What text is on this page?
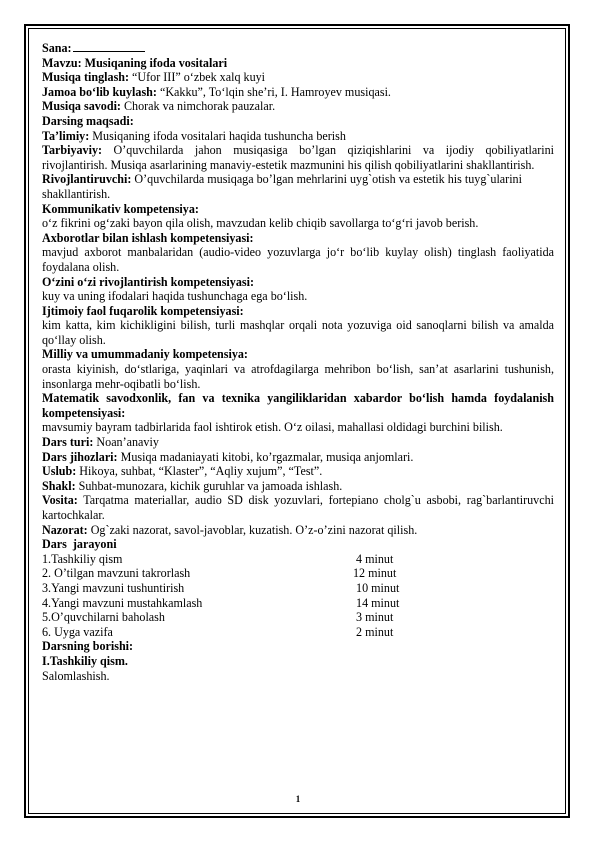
Sana:

Mavzu: Musiqaning ifoda vositalari

Musiqa tinglash: “Ufor III” o‘zbek xalq kuyi

Jamoa bo‘lib kuylash: “Kakku”, To‘lqin she’ri, I. Hamroyev musiqasi.

Musiqa savodi: Chorak va nimchorak pauzalar.

Darsing maqsadi:

Ta’limiy: Musiqaning ifoda vositalari haqida tushuncha berish

Tarbiyaviy: O’quvchilarda jahon musiqasiga bo’lgan qiziqishlarini va ijodiy qobiliyatlarini rivojlantirish. Musiqa asarlarining manaviy-estetik mazmunini his qilish qobiliyatlarini shakllantirish.

Rivojlantiruvchi: O’quvchilarda musiqaga bo’lgan mehrlarini uyg`otish va estetik his tuyg`ularini shakllantirish.

Kommunikativ kompetensiya:

o‘z fikrini og‘zaki bayon qila olish, mavzudan kelib chiqib savollarga to‘g‘ri javob berish.

Axborotlar bilan ishlash kompetensiyasi:

mavjud axborot manbalaridan (audio-video yozuvlarga jo‘r bo‘lib kuylay olish) tinglash faoliyatida foydalana olish.

O‘zini o‘zi rivojlantirish kompetensiyasi:

kuy va uning ifodalari haqida tushunchaga ega bo‘lish.

Ijtimoiy faol fuqarolik kompetensiyasi:

kim katta, kim kichikligini bilish, turli mashqlar orqali nota yozuviga oid sanoqlarni bilish va amalda qo‘llay olish.

Milliy va umummadaniy kompetensiya:

orasta kiyinish, do‘stlariga, yaqinlari va atrofdagilarga mehribon bo‘lish, san’at asarlarini tushunish, insonlarga mehr-oqibatli bo‘lish.

Matematik savodxonlik, fan va texnika yangiliklaridan xabardor bo‘lish hamda foydalanish kompetensiyasi:

mavsumiy bayram tadbirlarida faol ishtirok etish. O‘z oilasi, mahallasi oldidagi burchini bilish.

Dars turi: Noan’anaviy

Dars jihozlari: Musiqa madaniayati kitobi, ko’rgazmalar, musiqa anjomlari.

Uslub: Hikoya, suhbat, “Klaster”, “Aqliy xujum”, “Test”.

Shakl: Suhbat-munozara, kichik guruhlar va jamoada ishlash.

Vosita: Tarqatma materiallar, audio SD disk yozuvlari, fortepiano cholg`u asbobi, rag`barlantiruvchi kartochkalar.

Nazorat: Og`zaki nazorat, savol-javoblar, kuzatish. O’z-o’zini nazorat qilish.

Dars  jarayoni

1.Tashkiliy qism	4 minut
2. O’tilgan mavzuni takrorlash	12 minut
3.Yangi mavzuni tushuntirish	10 minut
4.Yangi mavzuni mustahkamlash	14 minut
5.O’quvchilarni baholash	3 minut
6. Uyga vazifa	2 minut

Darsning borishi:

I.Tashkiliy qism.

Salomlashish.

1
